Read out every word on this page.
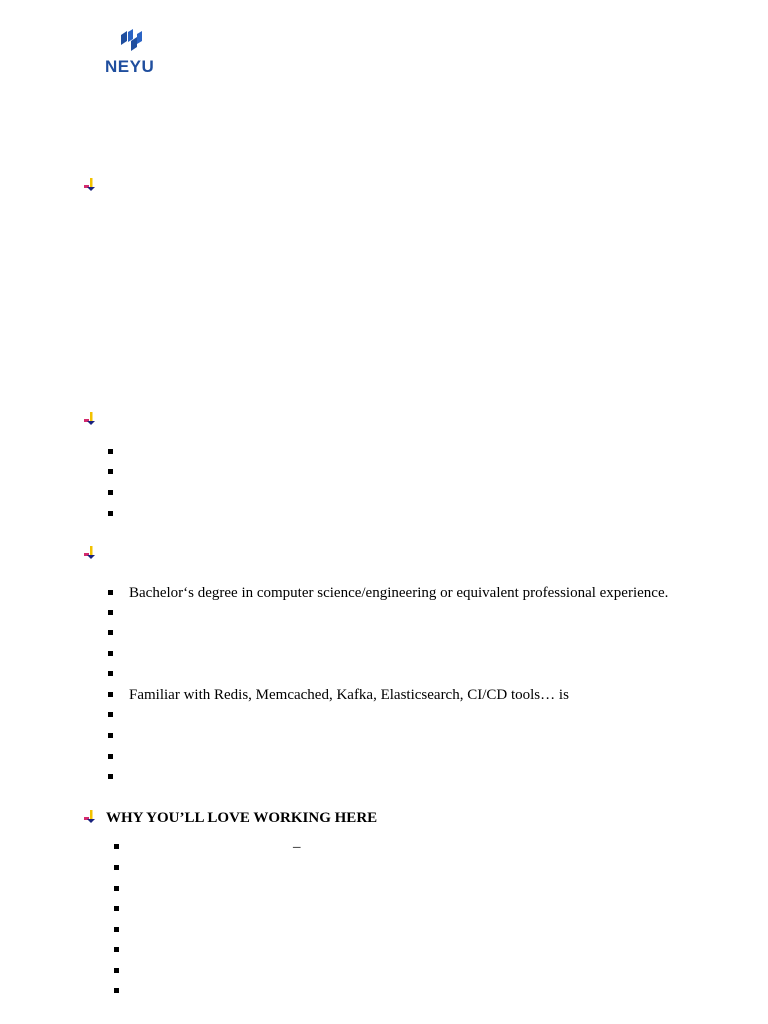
NEYU
Bachelor‘s degree in computer science/engineering or equivalent professional experience.
Familiar with Redis, Memcached, Kafka, Elasticsearch, CI/CD tools… is
WHY YOU’LL LOVE WORKING HERE
–
